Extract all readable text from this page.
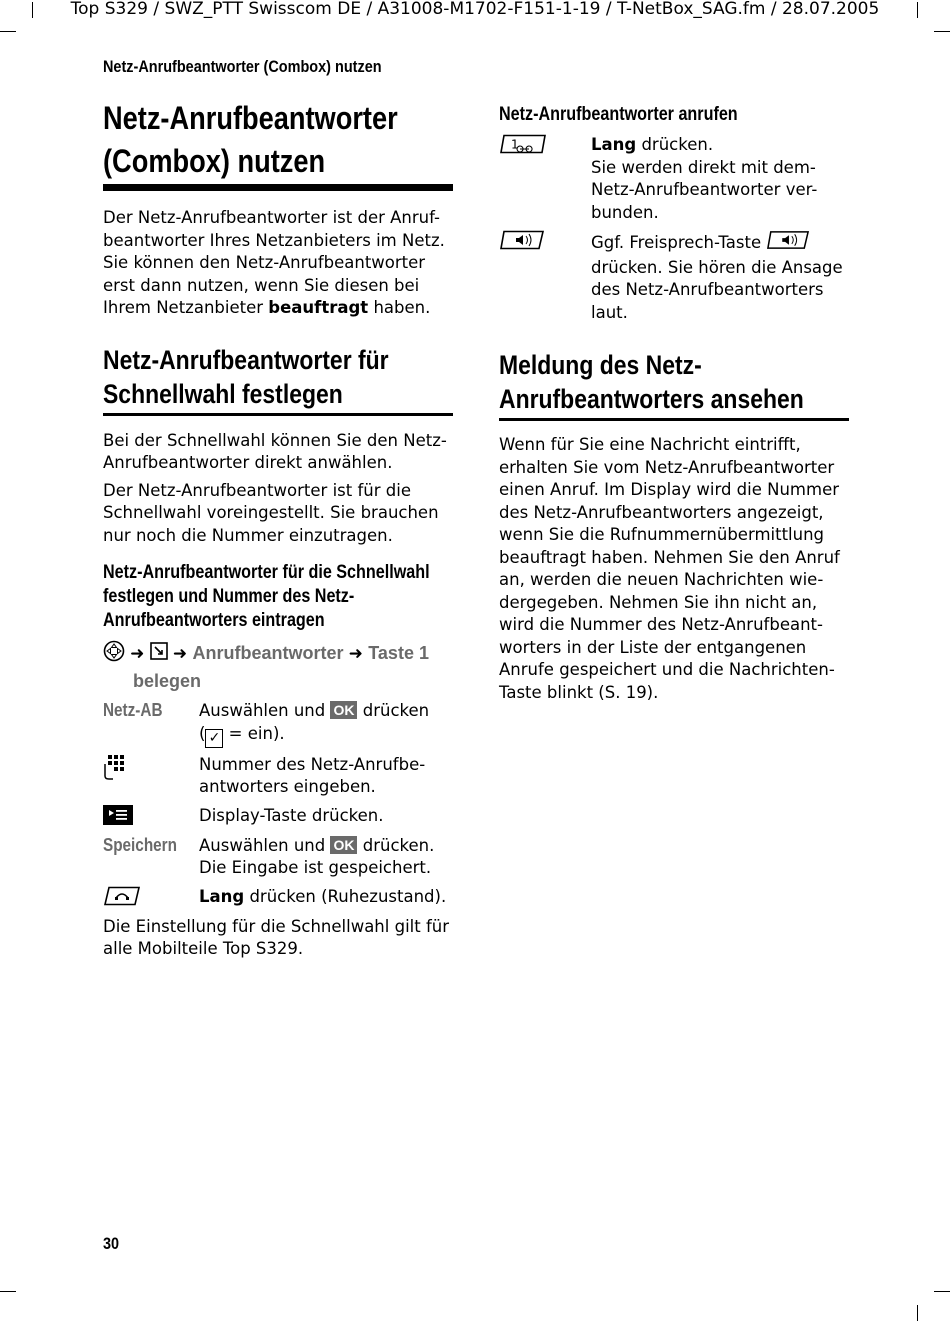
Top S329 / SWZ_PTT Swisscom DE / A31008-M1702-F151-1-19 / T-NetBox_SAG.fm / 28.07.2005
Netz-Anrufbeantworter (Combox) nutzen
Netz-Anrufbeantworter
(Combox) nutzen

Der Netz-Anrufbeantworter ist der Anruf-

beantworter Ihres Netzanbieters im Netz.

Sie können den Netz-Anrufbeantworter

erst dann nutzen, wenn Sie diesen bei

Ihrem Netzanbieter beauftragt haben.

Netz-Anrufbeantworter für
Schnellwahl festlegen

Bei der Schnellwahl können Sie den Netz-

Anrufbeantworter direkt anwählen.

Der Netz-Anrufbeantworter ist für die

Schnellwahl voreingestellt. Sie brauchen

nur noch die Nummer einzutragen.

Netz-Anrufbeantworter für die Schnellwahl
festlegen und Nummer des Netz-
Anrufbeantworters eintragen
➜  ➜ Anrufbeantworter ➜ Taste 1
belegen
Netz-AB	Auswählen und OK drücken
( ✓ = ein).
Nummer des Netz-Anrufbe-
antworters eingeben.
Display-Taste drücken.
Speichern	Auswählen und OK drücken.
Die Eingabe ist gespeichert.
Lang drücken (Ruhezustand).

Die Einstellung für die Schnellwahl gilt für

alle Mobilteile Top S329.

Netz-Anrufbeantworter anrufen
1	Lang drücken.
Sie werden direkt mit dem-
Netz-Anrufbeantworter ver-
bunden.
Ggf. Freisprech-Taste
drücken. Sie hören die Ansage
des Netz-Anrufbeantworters
laut.
Meldung des Netz-
Anrufbeantworters ansehen

Wenn für Sie eine Nachricht eintrifft,

erhalten Sie vom Netz-Anrufbeantworter

einen Anruf. Im Display wird die Nummer

des Netz-Anrufbeantworters angezeigt,

wenn Sie die Rufnummernübermittlung

beauftragt haben. Nehmen Sie den Anruf

an, werden die neuen Nachrichten wie-

dergegeben. Nehmen Sie ihn nicht an,

wird die Nummer des Netz-Anrufbeant-

worters in der Liste der entgangenen

Anrufe gespeichert und die Nachrichten-

Taste blinkt (S. 19).

30
